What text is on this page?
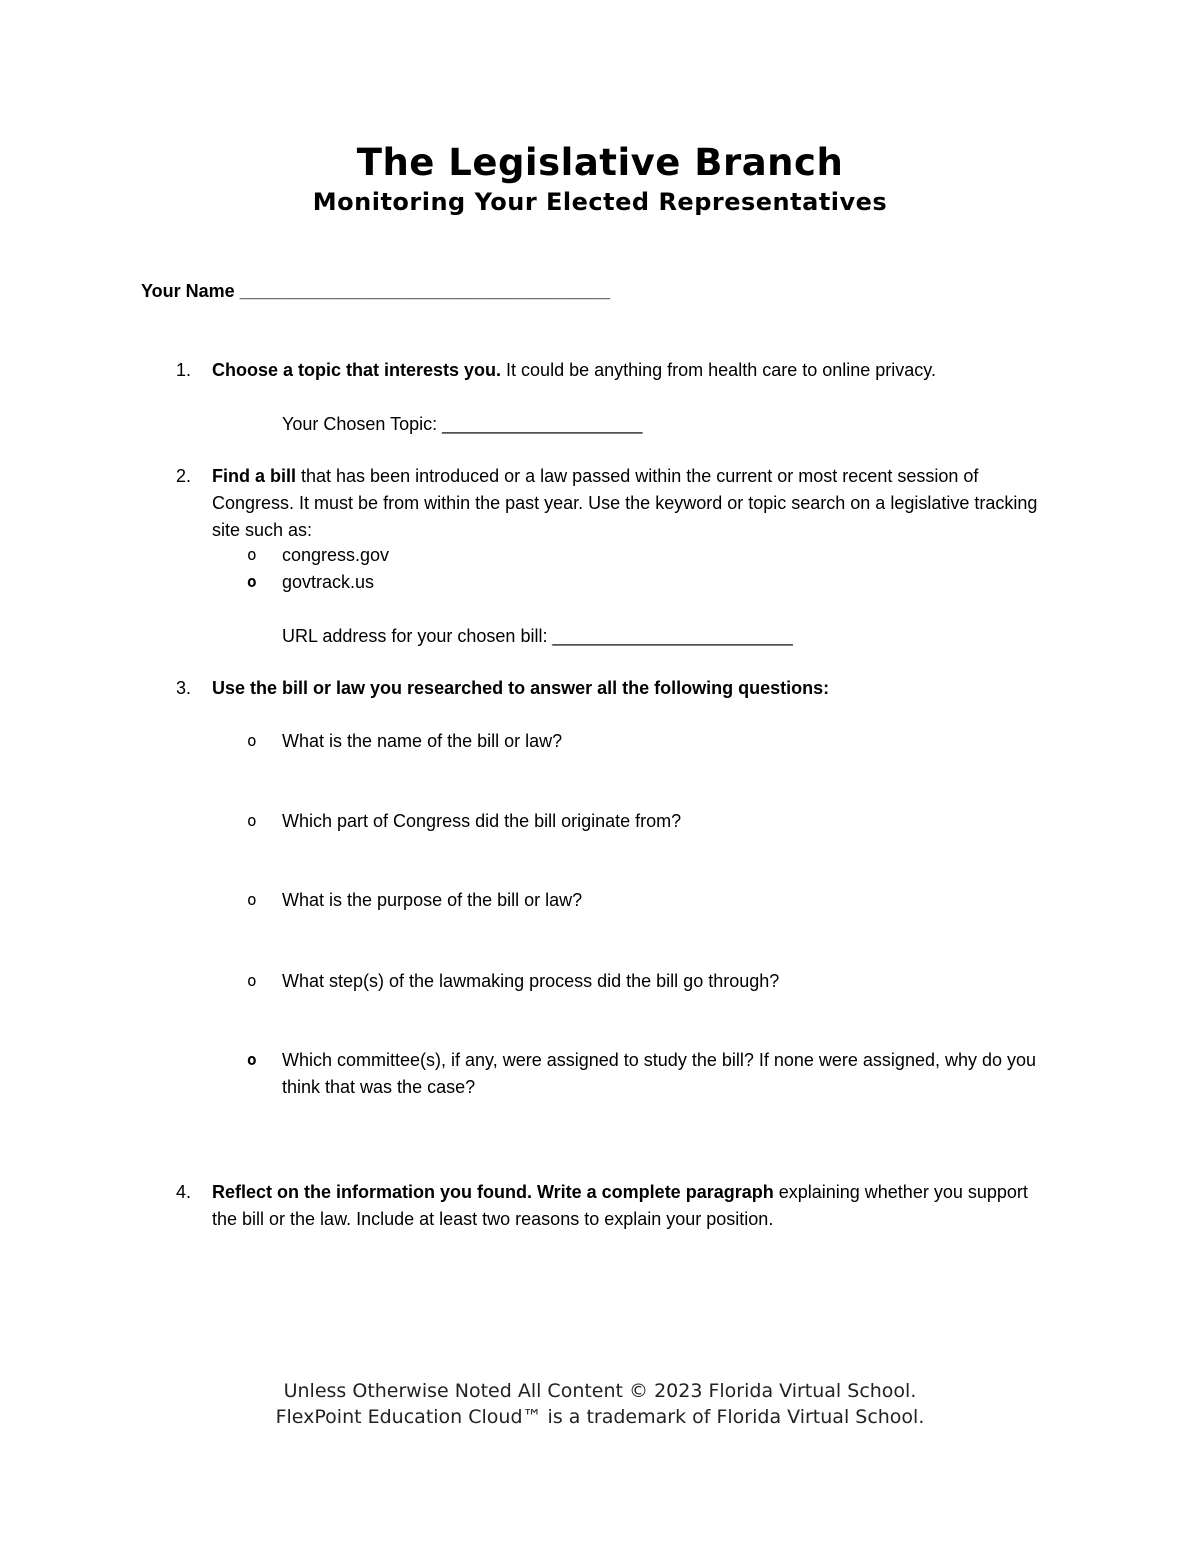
The Legislative Branch
Monitoring Your Elected Representatives
Your Name _____________________________________
1.	Choose a topic that interests you. It could be anything from health care to online privacy.
Your Chosen Topic: ____________________
2.	Find a bill that has been introduced or a law passed within the current or most recent session of Congress. It must be from within the past year. Use the keyword or topic search on a legislative tracking site such as:
o congress.gov
o govtrack.us
URL address for your chosen bill: ________________________
3.	Use the bill or law you researched to answer all the following questions:
o What is the name of the bill or law?
o Which part of Congress did the bill originate from?
o What is the purpose of the bill or law?
o What step(s) of the lawmaking process did the bill go through?
o Which committee(s), if any, were assigned to study the bill? If none were assigned, why do you think that was the case?
4.	Reflect on the information you found. Write a complete paragraph explaining whether you support the bill or the law. Include at least two reasons to explain your position.
Unless Otherwise Noted All Content © 2023 Florida Virtual School.
FlexPoint Education Cloud™ is a trademark of Florida Virtual School.
